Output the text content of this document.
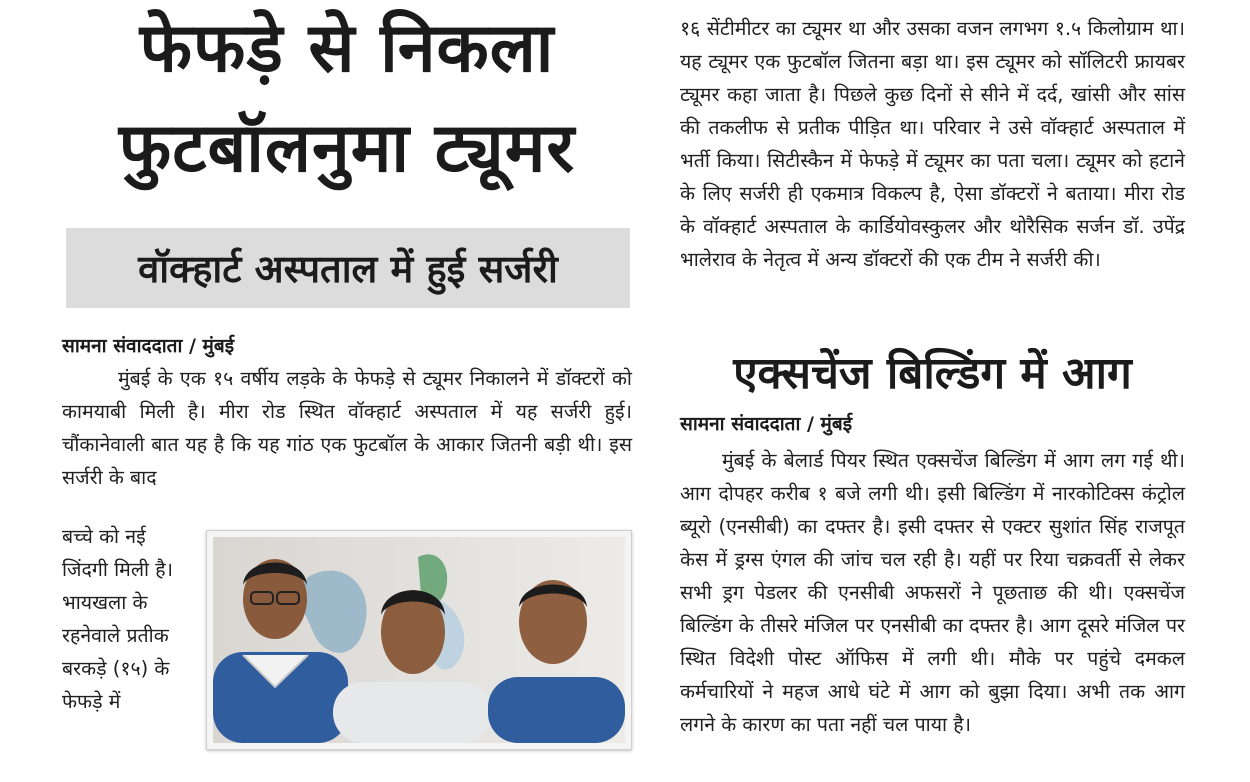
फेफड़े से निकला
फुटबॉलनुमा ट्यूमर
वॉक्हार्ट अस्पताल में हुई सर्जरी
सामना संवाददाता / मुंबई

मुंबई के एक १५ वर्षीय लड़के के फेफड़े से ट्यूमर निकालने में डॉक्टरों को कामयाबी मिली है। मीरा रोड स्थित वॉक्हार्ट अस्पताल में यह सर्जरी हुई। चौंकानेवाली बात यह है कि यह गांठ एक फुटबॉल के आकार जितनी बड़ी थी। इस सर्जरी के बाद

बच्चे को नई जिंदगी मिली है। भायखला के रहनेवाले प्रतीक बरकड़े (१५) के फेफड़े में

१६ सेंटीमीटर का ट्यूमर था और उसका वजन लगभग १.५ किलोग्राम था। यह ट्यूमर एक फुटबॉल जितना बड़ा था। इस ट्यूमर को सॉलिटरी फ्रायबर ट्यूमर कहा जाता है। पिछले कुछ दिनों से सीने में दर्द, खांसी और सांस की तकलीफ से प्रतीक पीड़ित था। परिवार ने उसे वॉक्हार्ट अस्पताल में भर्ती किया। सिटीस्कैन में फेफड़े में ट्यूमर का पता चला। ट्यूमर को हटाने के लिए सर्जरी ही एकमात्र विकल्प है, ऐसा डॉक्टरों ने बताया। मीरा रोड के वॉक्हार्ट अस्पताल के कार्डियोवस्कुलर और थोरैसिक सर्जन डॉ. उपेंद्र भालेराव के नेतृत्व में अन्य डॉक्टरों की एक टीम ने सर्जरी की।

एक्सचेंज बिल्डिंग में आग
सामना संवाददाता / मुंबई

मुंबई के बेलार्ड पियर स्थित एक्सचेंज बिल्डिंग में आग लग गई थी। आग दोपहर करीब १ बजे लगी थी। इसी बिल्डिंग में नारकोटिक्स कंट्रोल ब्यूरो (एनसीबी) का दफ्तर है। इसी दफ्तर से एक्टर सुशांत सिंह राजपूत केस में ड्रग्स एंगल की जांच चल रही है। यहीं पर रिया चक्रवर्ती से लेकर सभी ड्रग पेडलर की एनसीबी अफसरों ने पूछताछ की थी। एक्सचेंज बिल्डिंग के तीसरे मंजिल पर एनसीबी का दफ्तर है। आग दूसरे मंजिल पर स्थित विदेशी पोस्ट ऑफिस में लगी थी। मौके पर पहुंचे दमकल कर्मचारियों ने महज आधे घंटे में आग को बुझा दिया। अभी तक आग लगने के कारण का पता नहीं चल पाया है।
